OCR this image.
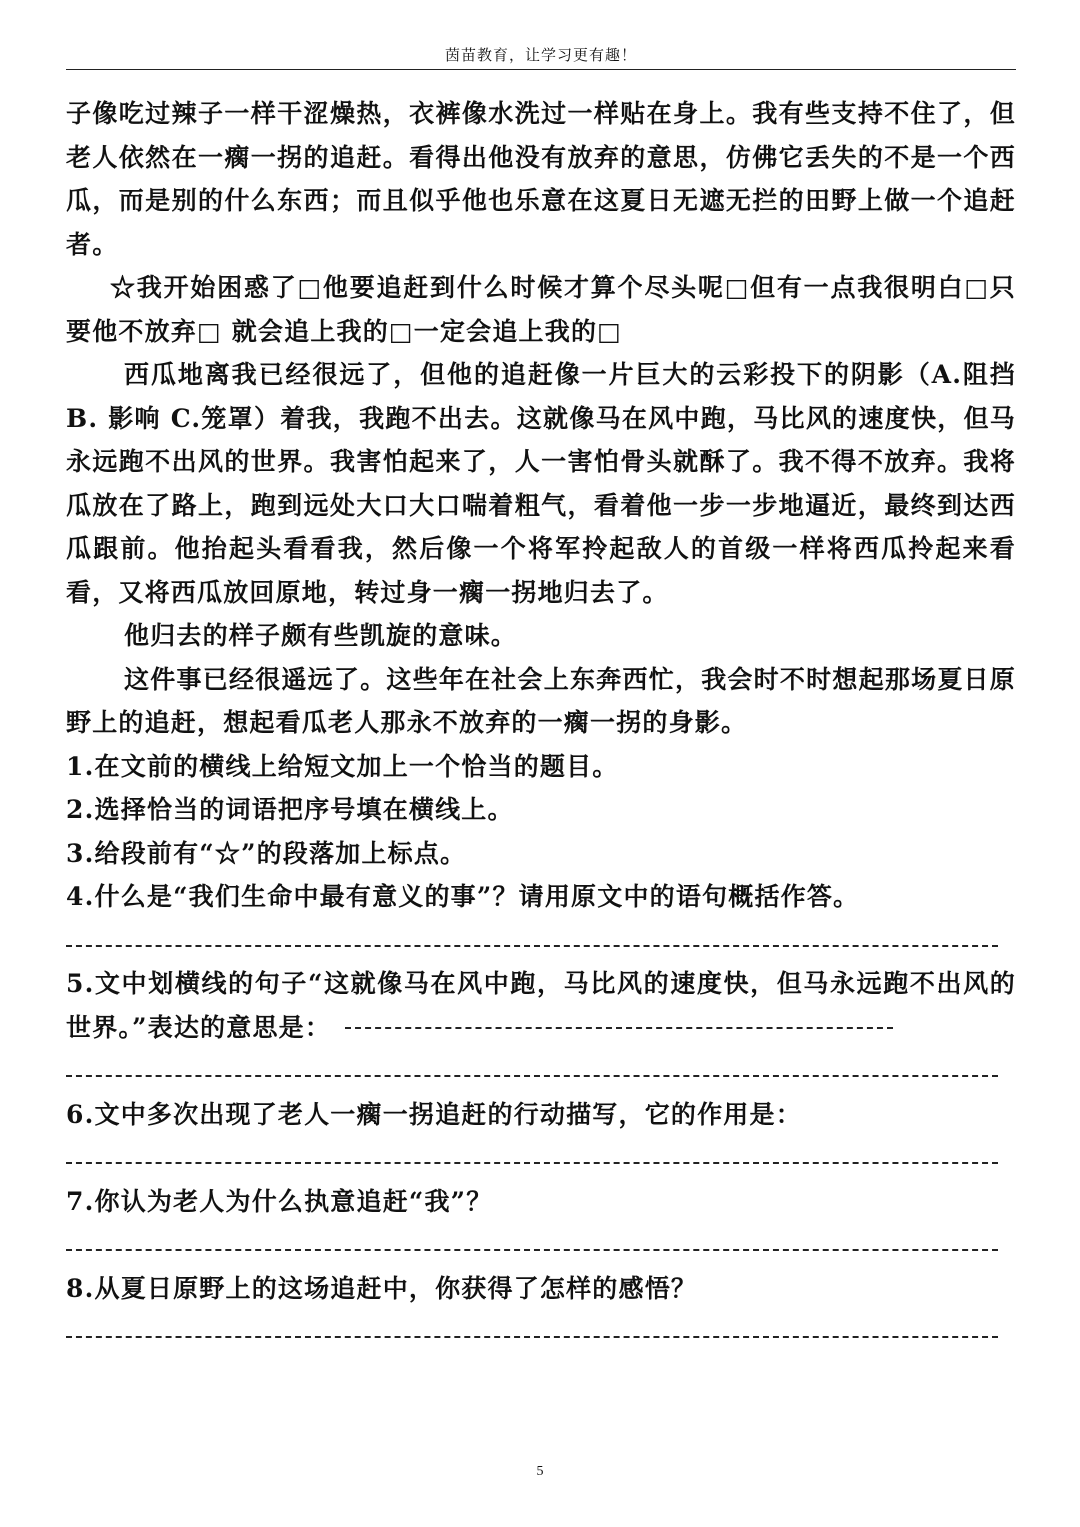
茵苗教育，让学习更有趣！

子像吃过辣子一样干涩燥热，衣裤像水洗过一样贴在身上。我有些支持不住了，但老人依然在一瘸一拐的追赶。看得出他没有放弃的意思，仿佛它丢失的不是一个西瓜，而是别的什么东西；而且似乎他也乐意在这夏日无遮无拦的田野上做一个追赶者。

☆我开始困惑了□他要追赶到什么时候才算个尽头呢□但有一点我很明白□只要他不放弃□ 就会追上我的□一定会追上我的□

西瓜地离我已经很远了，但他的追赶像一片巨大的云彩投下的阴影（A.阻挡 B. 影响 C.笼罩）着我，我跑不出去。这就像马在风中跑，马比风的速度快，但马永远跑不出风的世界。我害怕起来了，人一害怕骨头就酥了。我不得不放弃。我将瓜放在了路上，跑到远处大口大口喘着粗气，看着他一步一步地逼近，最终到达西瓜跟前。他抬起头看看我，然后像一个将军拎起敌人的首级一样将西瓜拎起来看看，又将西瓜放回原地，转过身一瘸一拐地归去了。

他归去的样子颇有些凯旋的意味。

这件事已经很遥远了。这些年在社会上东奔西忙，我会时不时想起那场夏日原野上的追赶，想起看瓜老人那永不放弃的一瘸一拐的身影。

1.在文前的横线上给短文加上一个恰当的题目。

2.选择恰当的词语把序号填在横线上。

3.给段前有“☆”的段落加上标点。

4.什么是“我们生命中最有意义的事”？请用原文中的语句概括作答。

5.文中划横线的句子“这就像马在风中跑，马比风的速度快，但马永远跑不出风的世界。”表达的意思是：

6.文中多次出现了老人一瘸一拐追赶的行动描写，它的作用是：

7.你认为老人为什么执意追赶“我”？

8.从夏日原野上的这场追赶中，你获得了怎样的感悟？

5
